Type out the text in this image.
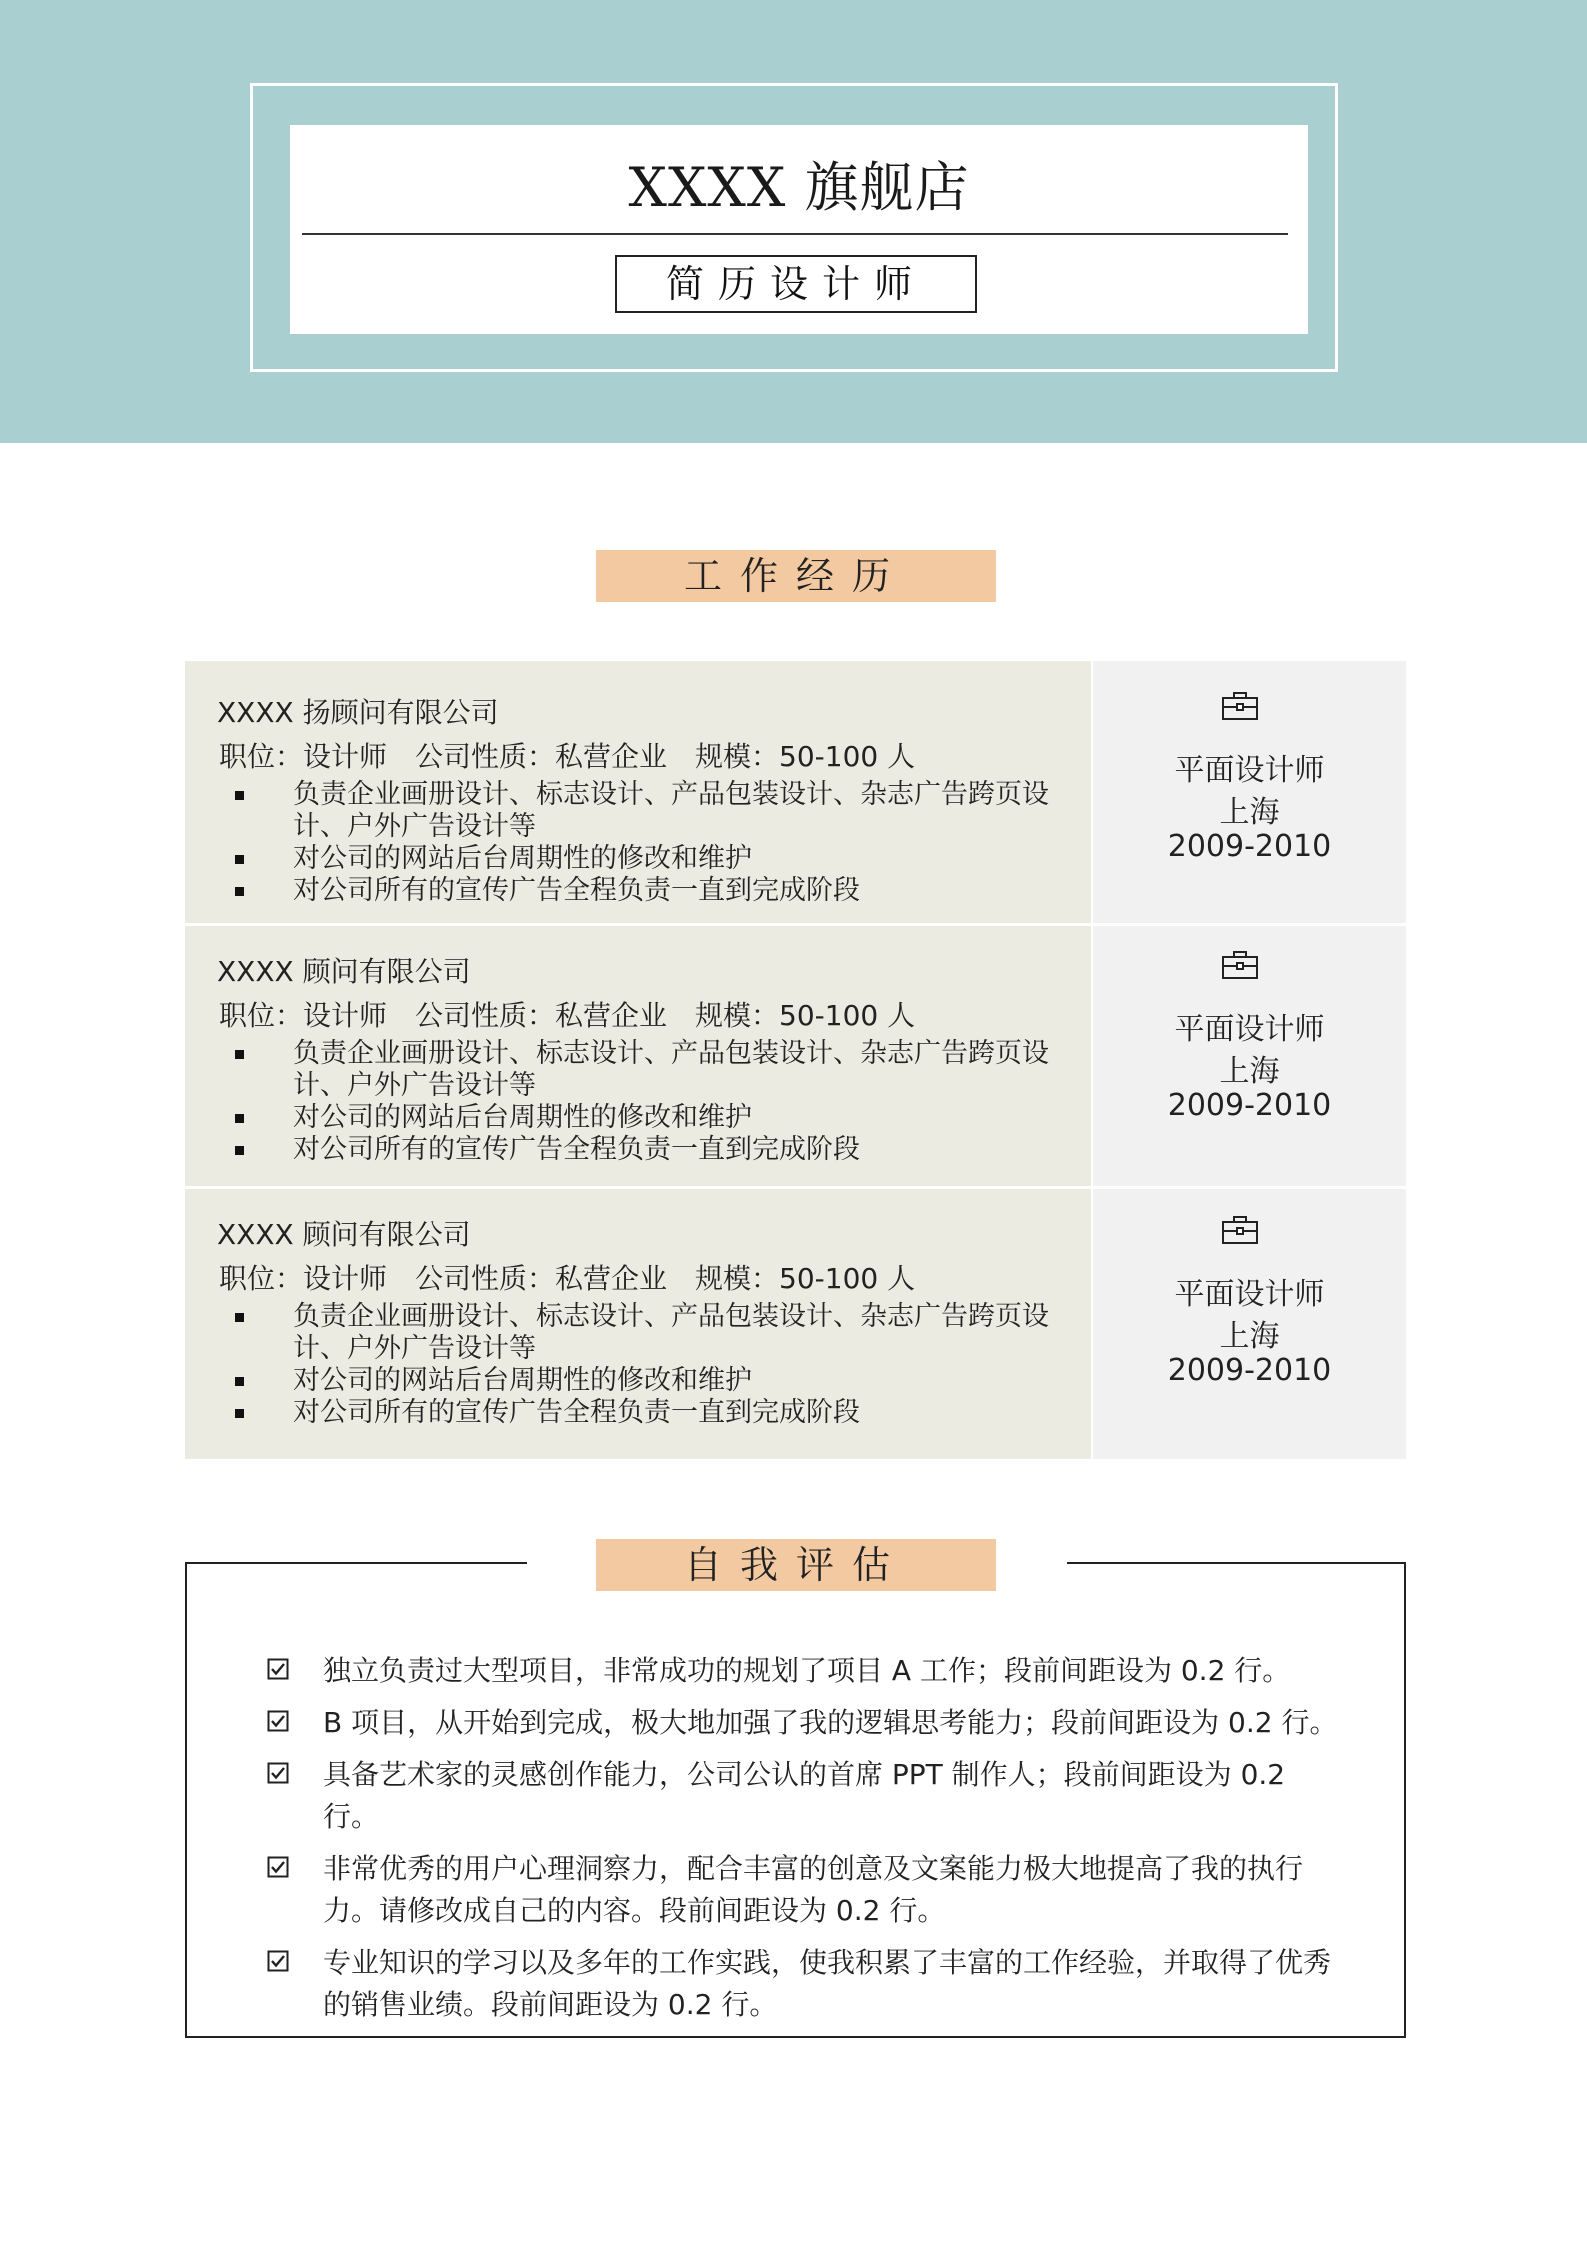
XXXX 旗舰店
简历设计师
工作经历
XXXX 扬顾问有限公司
职位：设计师 公司性质：私营企业 规模：50-100 人
负责企业画册设计、标志设计、产品包装设计、杂志广告跨页设计、户外广告设计等
对公司的网站后台周期性的修改和维护
对公司所有的宣传广告全程负责一直到完成阶段
平面设计师
上海
2009-2010
XXXX 顾问有限公司
职位：设计师 公司性质：私营企业 规模：50-100 人
负责企业画册设计、标志设计、产品包装设计、杂志广告跨页设计、户外广告设计等
对公司的网站后台周期性的修改和维护
对公司所有的宣传广告全程负责一直到完成阶段
平面设计师
上海
2009-2010
XXXX 顾问有限公司
职位：设计师 公司性质：私营企业 规模：50-100 人
负责企业画册设计、标志设计、产品包装设计、杂志广告跨页设计、户外广告设计等
对公司的网站后台周期性的修改和维护
对公司所有的宣传广告全程负责一直到完成阶段
平面设计师
上海
2009-2010
独立负责过大型项目，非常成功的规划了项目 A 工作；段前间距设为 0.2 行。
B 项目，从开始到完成，极大地加强了我的逻辑思考能力；段前间距设为 0.2 行。
具备艺术家的灵感创作能力，公司公认的首席 PPT 制作人；段前间距设为 0.2 行。
非常优秀的用户心理洞察力，配合丰富的创意及文案能力极大地提高了我的执行力。请修改成自己的内容。段前间距设为 0.2 行。
专业知识的学习以及多年的工作实践，使我积累了丰富的工作经验，并取得了优秀的销售业绩。段前间距设为 0.2 行。
自我评估
